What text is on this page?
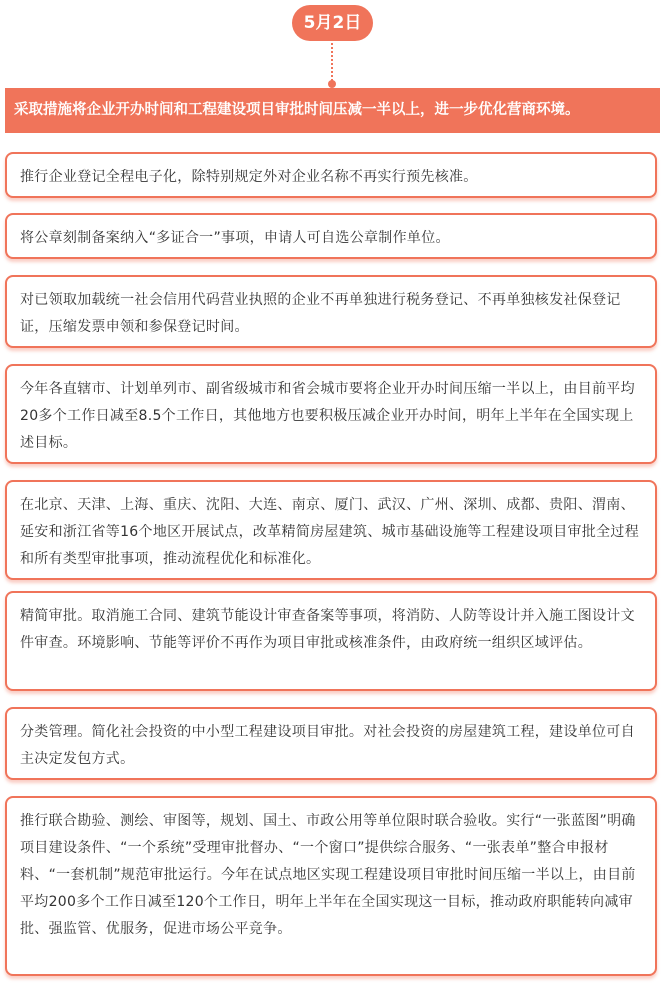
5月2日
采取措施将企业开办时间和工程建设项目审批时间压减一半以上，进一步优化营商环境。
推行企业登记全程电子化，除特别规定外对企业名称不再实行预先核准。
将公章刻制备案纳入“多证合一”事项，申请人可自选公章制作单位。
对已领取加载统一社会信用代码营业执照的企业不再单独进行税务登记、不再单独核发社保登记证，压缩发票申领和参保登记时间。
今年各直辖市、计划单列市、副省级城市和省会城市要将企业开办时间压缩一半以上，由目前平均20多个工作日减至8.5个工作日，其他地方也要积极压减企业开办时间，明年上半年在全国实现上述目标。
在北京、天津、上海、重庆、沈阳、大连、南京、厦门、武汉、广州、深圳、成都、贵阳、渭南、延安和浙江省等16个地区开展试点，改革精简房屋建筑、城市基础设施等工程建设项目审批全过程和所有类型审批事项，推动流程优化和标准化。
精简审批。取消施工合同、建筑节能设计审查备案等事项，将消防、人防等设计并入施工图设计文件审查。环境影响、节能等评价不再作为项目审批或核准条件，由政府统一组织区域评估。
分类管理。简化社会投资的中小型工程建设项目审批。对社会投资的房屋建筑工程，建设单位可自主决定发包方式。
推行联合勘验、测绘、审图等，规划、国土、市政公用等单位限时联合验收。实行“一张蓝图”明确项目建设条件、“一个系统”受理审批督办、“一个窗口”提供综合服务、“一张表单”整合申报材料、“一套机制”规范审批运行。今年在试点地区实现工程建设项目审批时间压缩一半以上，由目前平均200多个工作日减至120个工作日，明年上半年在全国实现这一目标，推动政府职能转向减审批、强监管、优服务，促进市场公平竞争。
